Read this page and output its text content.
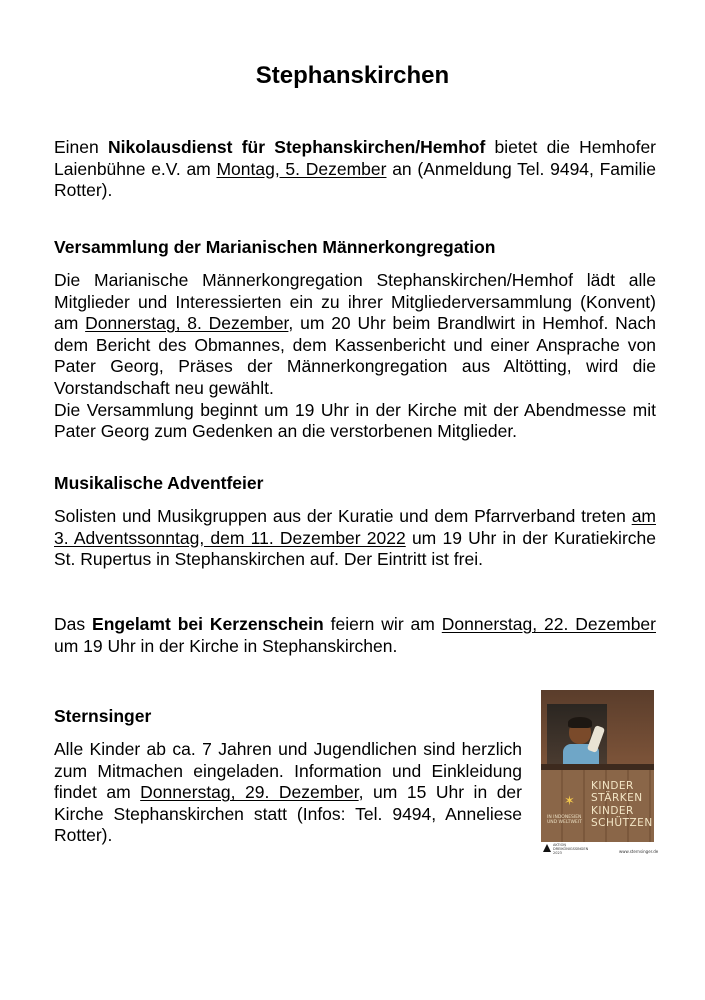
Stephanskirchen
Einen Nikolausdienst für Stephanskirchen/Hemhof bietet die Hemhofer Laienbühne e.V. am Montag, 5. Dezember an (Anmeldung Tel. 9494, Familie Rotter).
Versammlung der Marianischen Männerkongregation
Die Marianische Männerkongregation Stephanskirchen/Hemhof lädt alle Mitglieder und Interessierten ein zu ihrer Mitgliederversammlung (Konvent) am Donnerstag, 8. Dezember, um 20 Uhr beim Brandlwirt in Hemhof. Nach dem Bericht des Obmannes, dem Kassenbericht und einer Ansprache von Pater Georg, Präses der Männerkongregation aus Altötting, wird die Vorstandschaft neu gewählt.
Die Versammlung beginnt um 19 Uhr in der Kirche mit der Abendmesse mit Pater Georg zum Gedenken an die verstorbenen Mitglieder.
Musikalische Adventfeier
Solisten und Musikgruppen aus der Kuratie und dem Pfarrverband treten am 3. Adventssonntag, dem 11. Dezember 2022 um 19 Uhr in der Kuratiekirche St. Rupertus in Stephanskirchen auf. Der Eintritt ist frei.
Das Engelamt bei Kerzenschein feiern wir am Donnerstag, 22. Dezember um 19 Uhr in der Kirche in Stephanskirchen.
Sternsinger
Alle Kinder ab ca. 7 Jahren und Jugendlichen sind herzlich zum Mitmachen eingeladen. Information und Einkleidung findet am Donnerstag, 29. Dezember, um 15 Uhr in der Kirche Stephanskirchen statt (Infos: Tel. 9494, Anneliese Rotter).
KINDER
STÄRKEN
KINDER
SCHÜTZEN
✶
IN INDONESIEN UND WELTWEIT
AKTION DREIKÖNIGSSINGEN 2023	www.sternsinger.de
